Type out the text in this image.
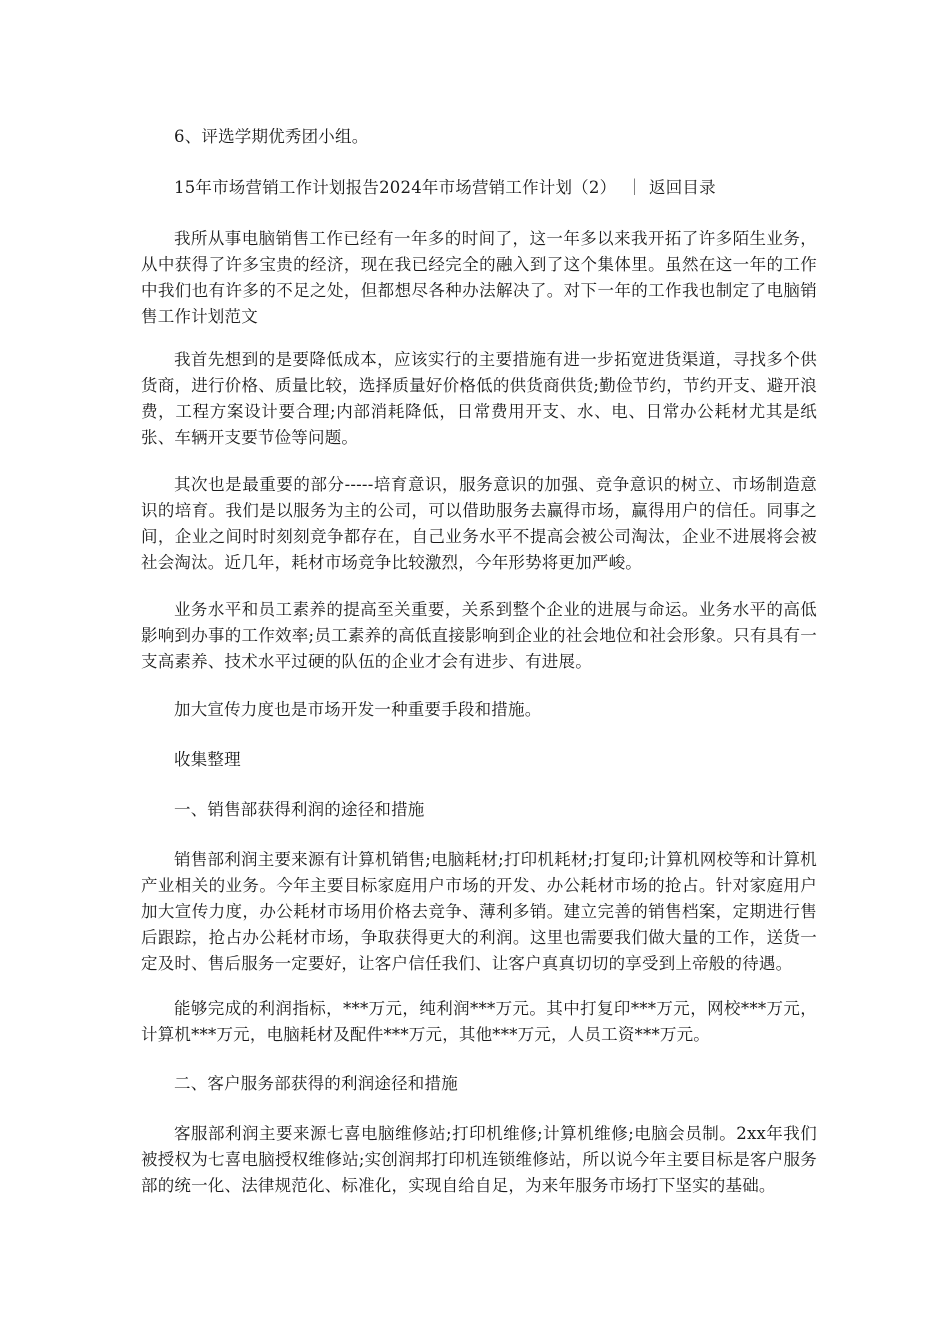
6、评选学期优秀团小组。

15年市场营销工作计划报告2024年市场营销工作计划（2） ｜ 返回目录

我所从事电脑销售工作已经有一年多的时间了，这一年多以来我开拓了许多陌生业务，从中获得了许多宝贵的经济，现在我已经完全的融入到了这个集体里。虽然在这一年的工作中我们也有许多的不足之处，但都想尽各种办法解决了。对下一年的工作我也制定了电脑销售工作计划范文

我首先想到的是要降低成本，应该实行的主要措施有进一步拓宽进货渠道，寻找多个供货商，进行价格、质量比较，选择质量好价格低的供货商供货;勤俭节约，节约开支、避开浪费，工程方案设计要合理;内部消耗降低，日常费用开支、水、电、日常办公耗材尤其是纸张、车辆开支要节俭等问题。

其次也是最重要的部分-----培育意识，服务意识的加强、竞争意识的树立、市场制造意识的培育。我们是以服务为主的公司，可以借助服务去赢得市场，赢得用户的信任。同事之间，企业之间时时刻刻竞争都存在，自己业务水平不提高会被公司淘汰，企业不进展将会被社会淘汰。近几年，耗材市场竞争比较激烈，今年形势将更加严峻。

业务水平和员工素养的提高至关重要，关系到整个企业的进展与命运。业务水平的高低影响到办事的工作效率;员工素养的高低直接影响到企业的社会地位和社会形象。只有具有一支高素养、技术水平过硬的队伍的企业才会有进步、有进展。

加大宣传力度也是市场开发一种重要手段和措施。

收集整理

一、销售部获得利润的途径和措施

销售部利润主要来源有计算机销售;电脑耗材;打印机耗材;打复印;计算机网校等和计算机产业相关的业务。今年主要目标家庭用户市场的开发、办公耗材市场的抢占。针对家庭用户加大宣传力度，办公耗材市场用价格去竞争、薄利多销。建立完善的销售档案，定期进行售后跟踪，抢占办公耗材市场，争取获得更大的利润。这里也需要我们做大量的工作，送货一定及时、售后服务一定要好，让客户信任我们、让客户真真切切的享受到上帝般的待遇。

能够完成的利润指标，***万元，纯利润***万元。其中打复印***万元，网校***万元，计算机***万元，电脑耗材及配件***万元，其他***万元，人员工资***万元。

二、客户服务部获得的利润途径和措施

客服部利润主要来源七喜电脑维修站;打印机维修;计算机维修;电脑会员制。2xx年我们被授权为七喜电脑授权维修站;实创润邦打印机连锁维修站，所以说今年主要目标是客户服务部的统一化、法律规范化、标准化，实现自给自足，为来年服务市场打下坚实的基础。
